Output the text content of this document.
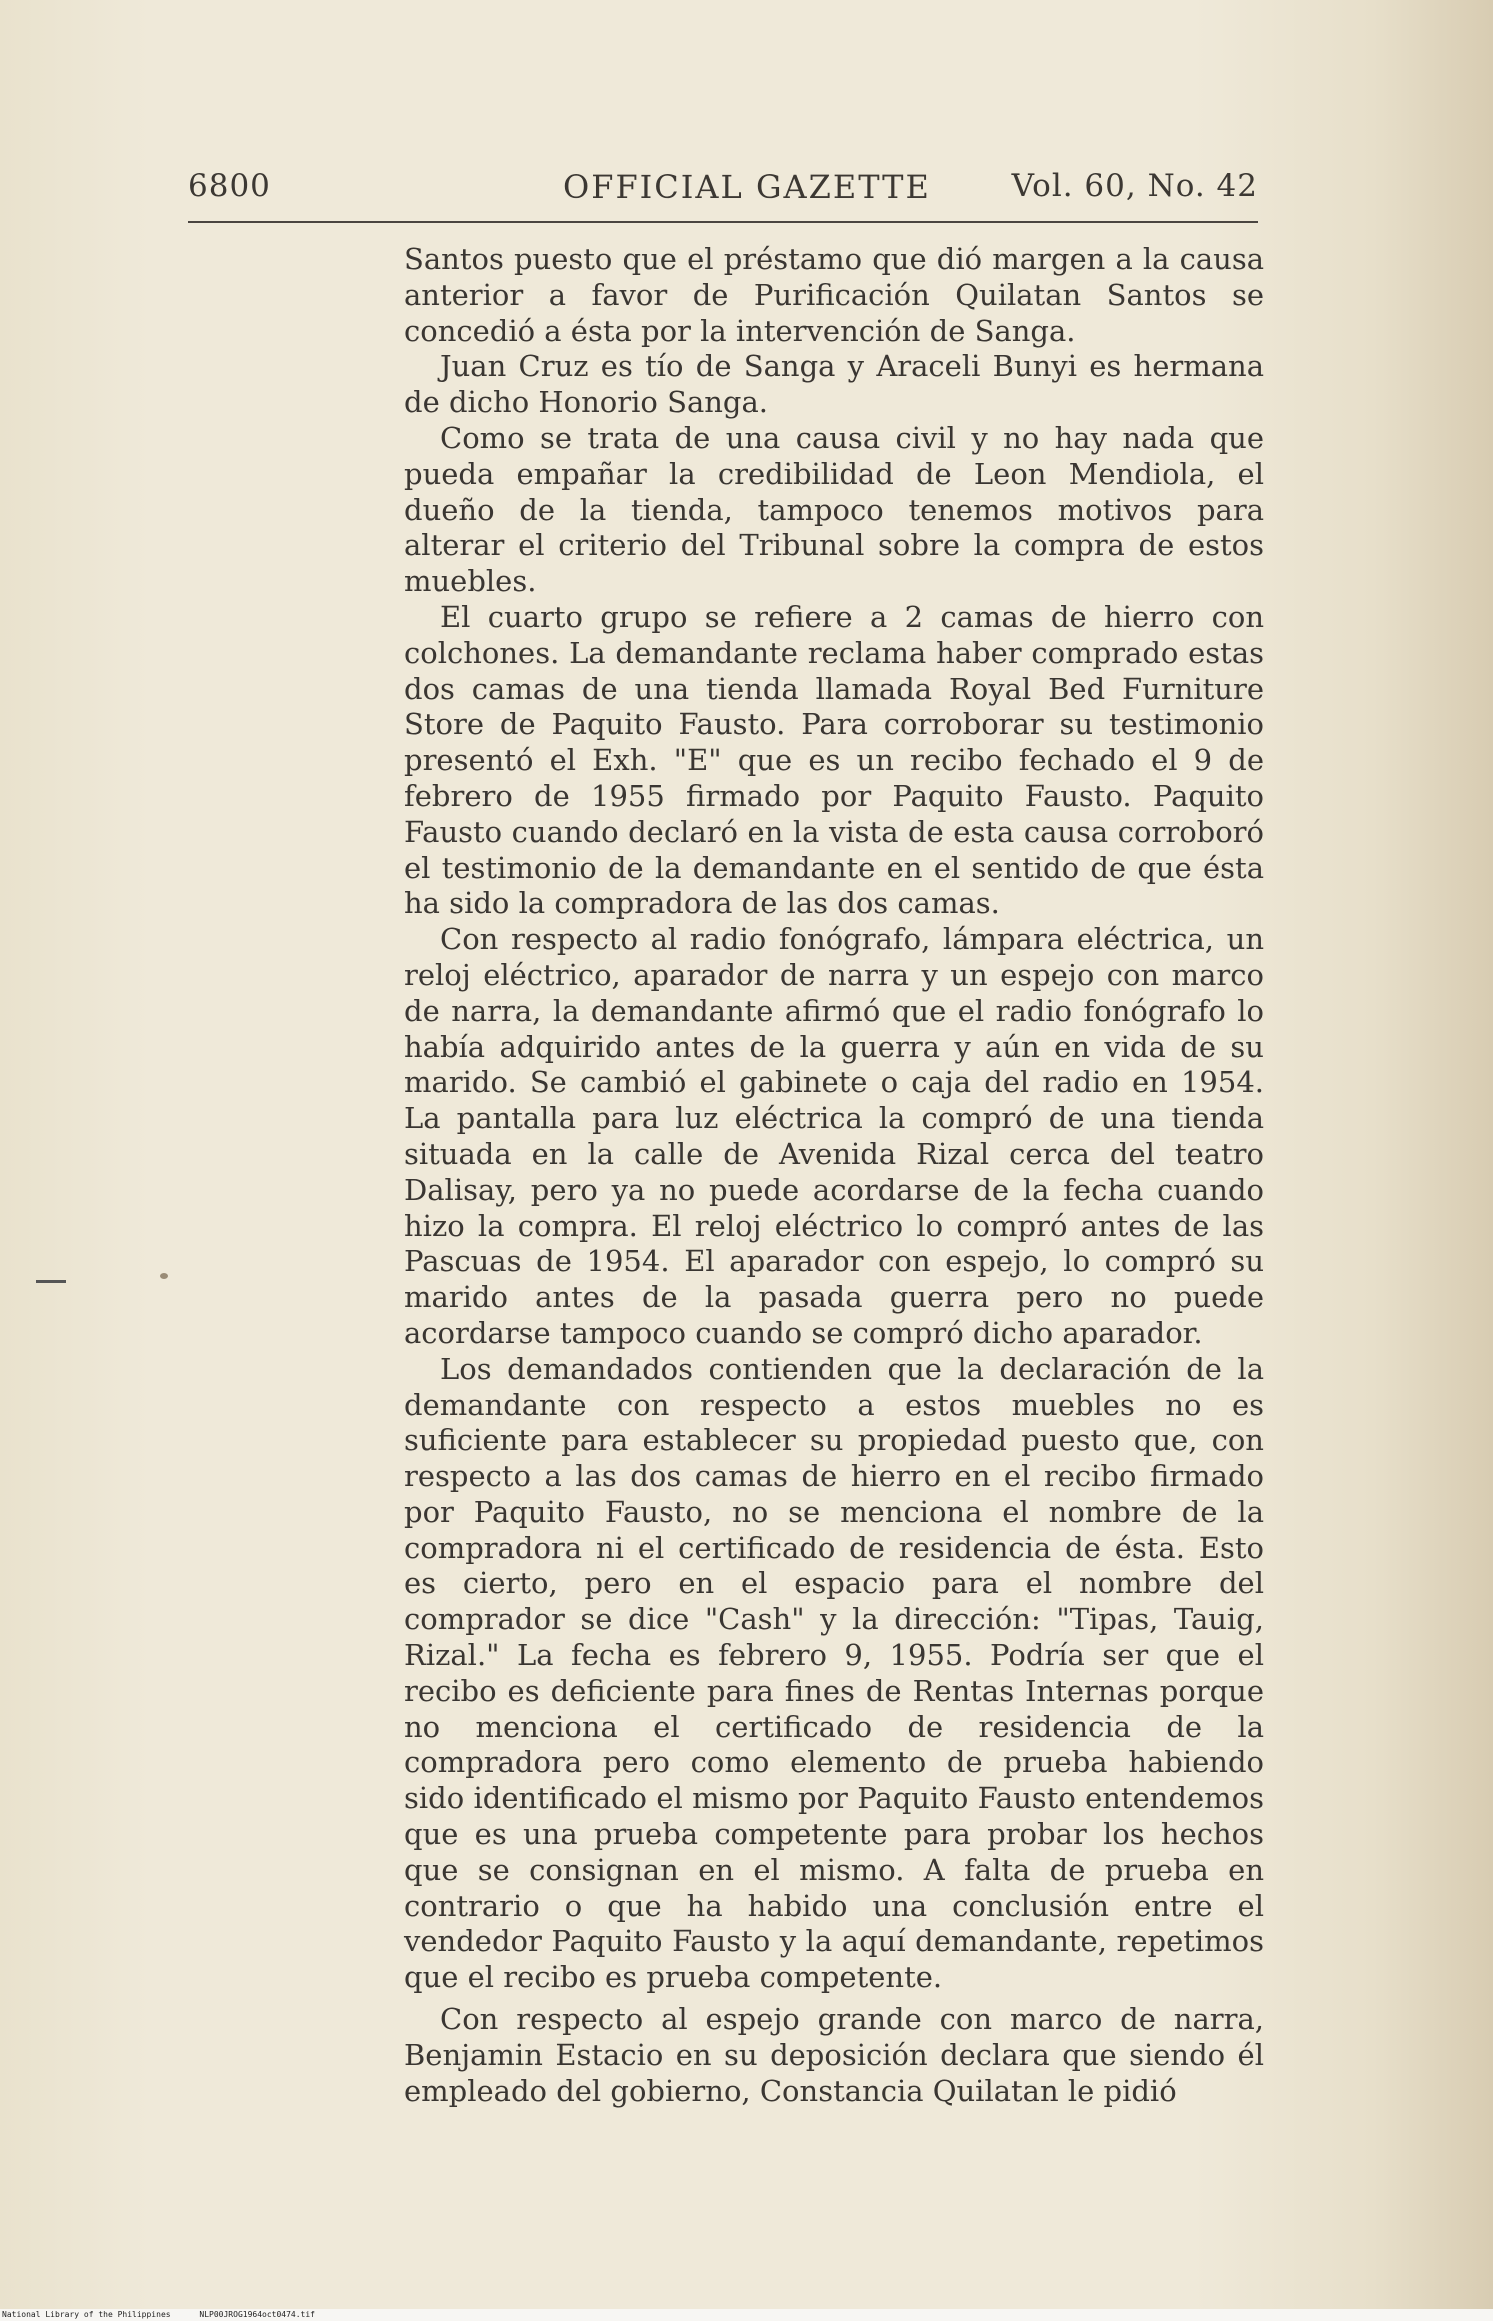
6800	OFFICIAL GAZETTE	Vol. 60, No. 42

Santos puesto que el préstamo que dió margen a la causa anterior a favor de Purificación Quilatan Santos se concedió a ésta por la intervención de Sanga.

Juan Cruz es tío de Sanga y Araceli Bunyi es hermana de dicho Honorio Sanga.

Como se trata de una causa civil y no hay nada que pueda empañar la credibilidad de Leon Mendiola, el dueño de la tienda, tampoco tenemos motivos para alterar el criterio del Tribunal sobre la compra de estos muebles.

El cuarto grupo se refiere a 2 camas de hierro con colchones. La demandante reclama haber comprado estas dos camas de una tienda llamada Royal Bed Furniture Store de Paquito Fausto. Para corroborar su testimonio presentó el Exh. "E" que es un recibo fechado el 9 de febrero de 1955 firmado por Paquito Fausto. Paquito Fausto cuando declaró en la vista de esta causa corroboró el testimonio de la demandante en el sentido de que ésta ha sido la compradora de las dos camas.

Con respecto al radio fonógrafo, lámpara eléctrica, un reloj eléctrico, aparador de narra y un espejo con marco de narra, la demandante afirmó que el radio fonógrafo lo había adquirido antes de la guerra y aún en vida de su marido. Se cambió el gabinete o caja del radio en 1954. La pantalla para luz eléctrica la compró de una tienda situada en la calle de Avenida Rizal cerca del teatro Dalisay, pero ya no puede acordarse de la fecha cuando hizo la compra. El reloj eléctrico lo compró antes de las Pascuas de 1954. El aparador con espejo, lo compró su marido antes de la pasada guerra pero no puede acordarse tampoco cuando se compró dicho aparador.

Los demandados contienden que la declaración de la demandante con respecto a estos muebles no es suficiente para establecer su propiedad puesto que, con respecto a las dos camas de hierro en el recibo firmado por Paquito Fausto, no se menciona el nombre de la compradora ni el certificado de residencia de ésta. Esto es cierto, pero en el espacio para el nombre del comprador se dice "Cash" y la dirección: "Tipas, Tauig, Rizal." La fecha es febrero 9, 1955. Podría ser que el recibo es deficiente para fines de Rentas Internas porque no menciona el certificado de residencia de la compradora pero como elemento de prueba habiendo sido identificado el mismo por Paquito Fausto entendemos que es una prueba competente para probar los hechos que se consignan en el mismo. A falta de prueba en contrario o que ha habido una conclusión entre el vendedor Paquito Fausto y la aquí demandante, repetimos que el recibo es prueba competente.

Con respecto al espejo grande con marco de narra, Benjamin Estacio en su deposición declara que siendo él empleado del gobierno, Constancia Quilatan le pidió

National Library of the Philippines	NLP00JROG1964oct0474.tif
